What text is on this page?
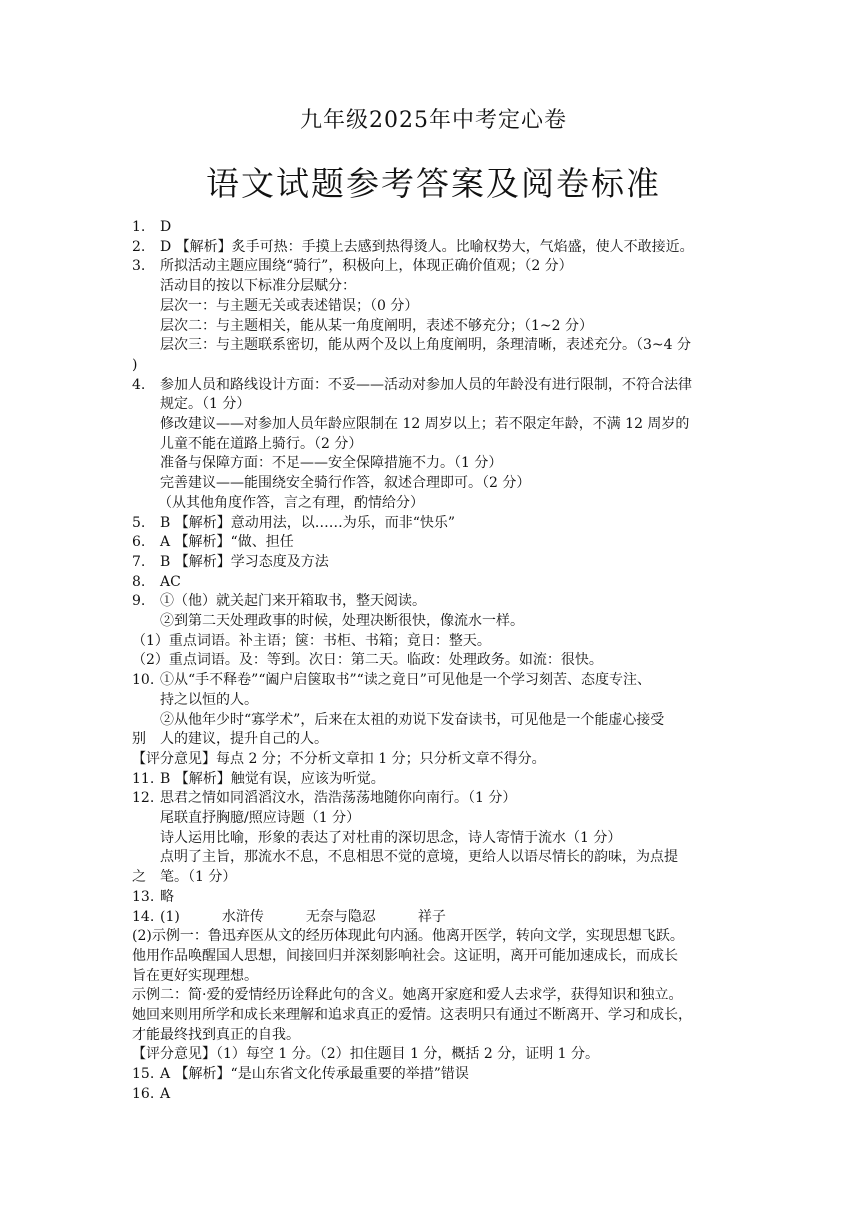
九年级2025年中考定心卷
语文试题参考答案及阅卷标准
1. D
2. D 【解析】炙手可热：手摸上去感到热得烫人。比喻权势大，气焰盛，使人不敢接近。
3. 所拟活动主题应围绕“骑行”，积极向上，体现正确价值观；（2 分）
活动目的按以下标准分层赋分：
层次一：与主题无关或表述错误；（0 分）
层次二：与主题相关，能从某一角度阐明，表述不够充分；（1~2 分）
层次三：与主题联系密切，能从两个及以上角度阐明，条理清晰，表述充分。（3~4 分
)
4. 参加人员和路线设计方面：不妥——活动对参加人员的年龄没有进行限制，不符合法律
规定。（1 分）
修改建议——对参加人员年龄应限制在 12 周岁以上；若不限定年龄，不满 12 周岁的
儿童不能在道路上骑行。（2 分）
准备与保障方面：不足——安全保障措施不力。（1 分）
完善建议——能围绕安全骑行作答，叙述合理即可。（2 分）
（从其他角度作答，言之有理，酌情给分）
5. B 【解析】意动用法，以……为乐，而非“快乐”
6. A 【解析】“做、担任
7. B 【解析】学习态度及方法
8. AC
9. ①（他）就关起门来开箱取书，整天阅读。
②到第二天处理政事的时候，处理决断很快，像流水一样。
（1）重点词语。补主语；箧：书柜、书箱；竟日：整天。
（2）重点词语。及：等到。次日：第二天。临政：处理政务。如流：很快。
10. ①从“手不释卷”“阖户启箧取书”“读之竟日”可见他是一个学习刻苦、态度专注、
持之以恒的人。
②从他年少时“寡学术”，后来在太祖的劝说下发奋读书，可见他是一个能虚心接受
别 人的建议，提升自己的人。
【评分意见】每点 2 分；不分析文章扣 1 分；只分析文章不得分。
11. B 【解析】触觉有误，应该为听觉。
12. 思君之情如同滔滔汶水，浩浩荡荡地随你向南行。（1 分）
尾联直抒胸臆/照应诗题（1 分）
诗人运用比喻，形象的表达了对杜甫的深切思念，诗人寄情于流水（1 分）
点明了主旨，那流水不息，不息相思不觉的意境，更给人以语尽情长的韵味，为点提
之 笔。（1 分）
13. 略
14. (1)　　　水浒传　　　无奈与隐忍　　　祥子
(2)示例一：鲁迅弃医从文的经历体现此句内涵。他离开医学，转向文学，实现思想飞跃。
他用作品唤醒国人思想，间接回归并深刻影响社会。这证明，离开可能加速成长，而成长
旨在更好实现理想。
示例二：简·爱的爱情经历诠释此句的含义。她离开家庭和爱人去求学，获得知识和独立。
她回来则用所学和成长来理解和追求真正的爱情。这表明只有通过不断离开、学习和成长，
才能最终找到真正的自我。
【评分意见】（1）每空 1 分。（2）扣住题目 1 分，概括 2 分，证明 1 分。
15. A 【解析】“是山东省文化传承最重要的举措”错误
16. A
